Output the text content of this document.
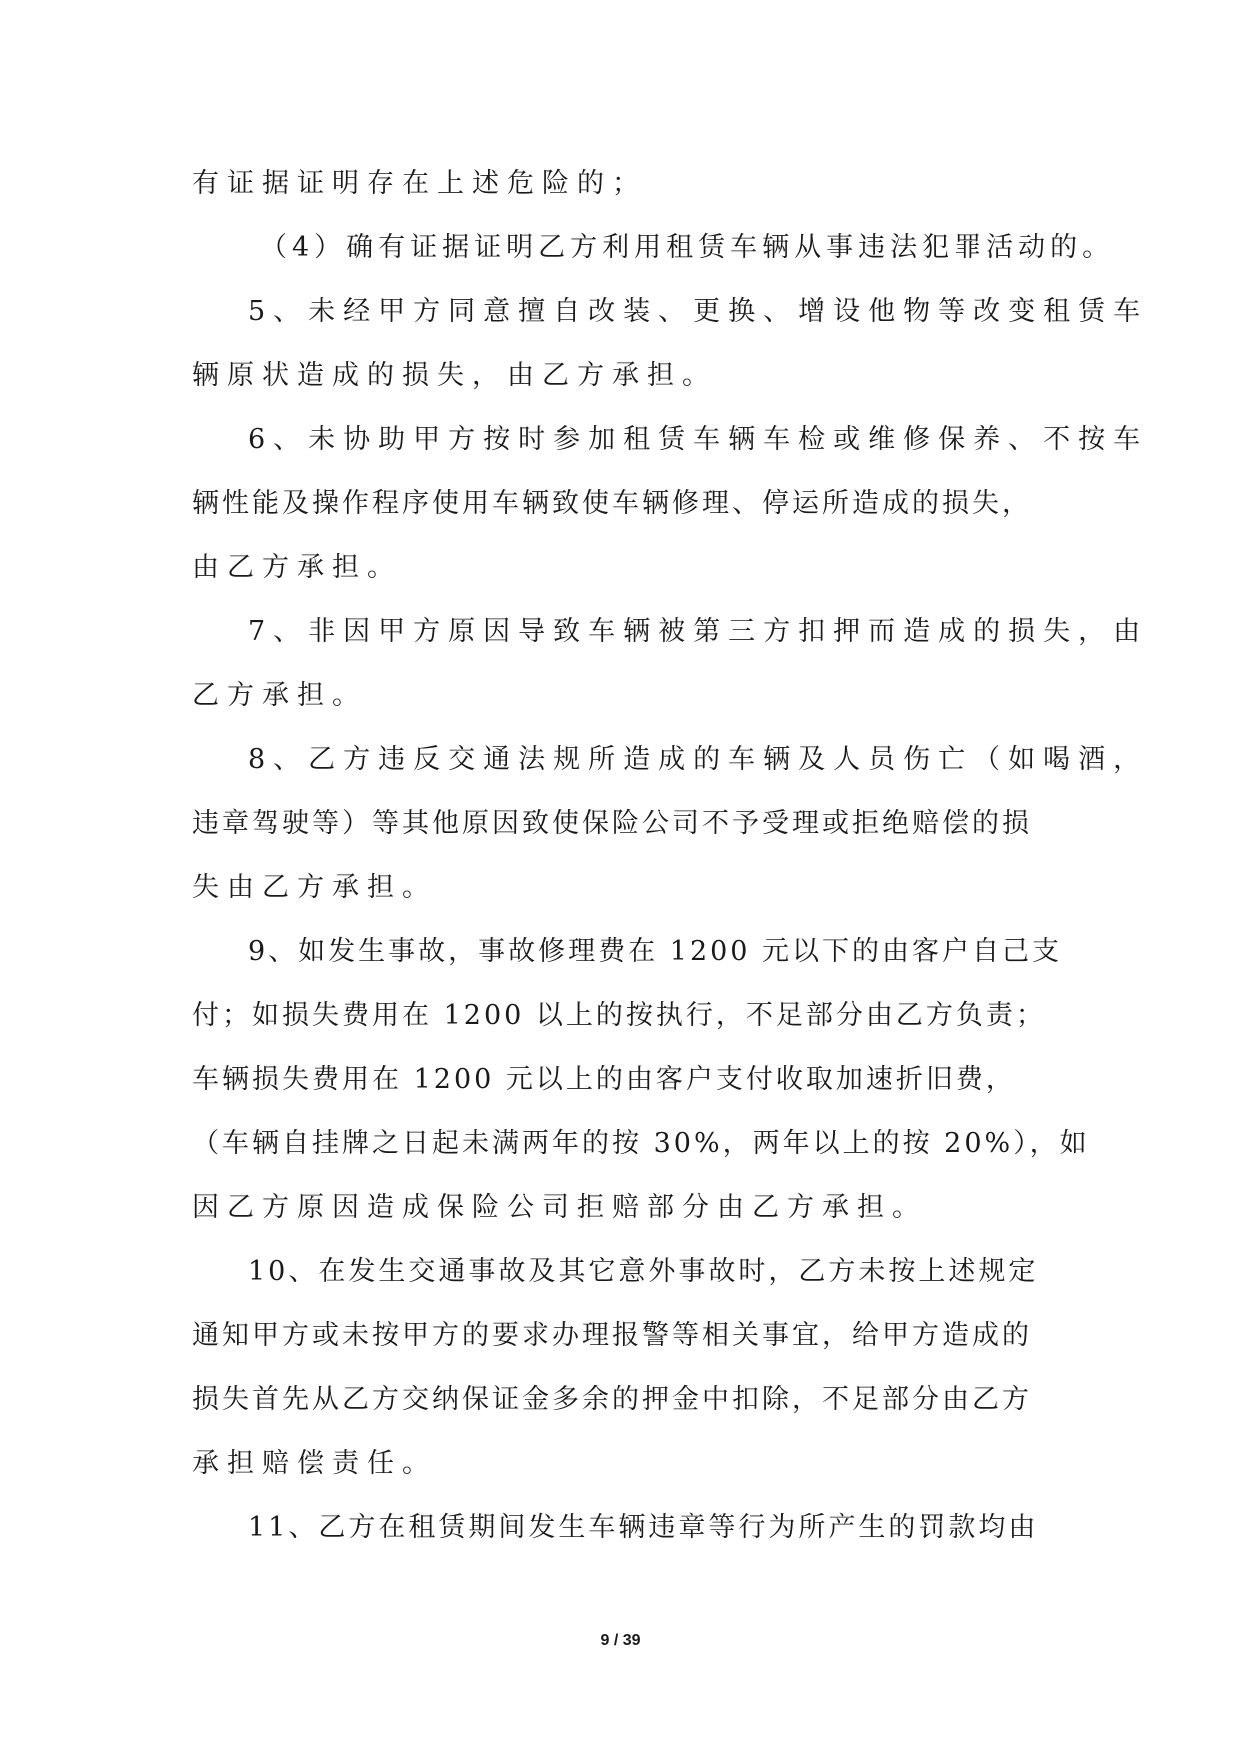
有证据证明存在上述危险的；
（4）确有证据证明乙方利用租赁车辆从事违法犯罪活动的。
5、未经甲方同意擅自改装、更换、增设他物等改变租赁车
辆原状造成的损失，由乙方承担。
6、未协助甲方按时参加租赁车辆车检或维修保养、不按车
辆性能及操作程序使用车辆致使车辆修理、停运所造成的损失，
由乙方承担。
7、非因甲方原因导致车辆被第三方扣押而造成的损失，由
乙方承担。
8、乙方违反交通法规所造成的车辆及人员伤亡（如喝酒，
违章驾驶等）等其他原因致使保险公司不予受理或拒绝赔偿的损
失由乙方承担。
9、如发生事故，事故修理费在 1200 元以下的由客户自己支
付；如损失费用在 1200 以上的按执行，不足部分由乙方负责；
车辆损失费用在 1200 元以上的由客户支付收取加速折旧费，
（车辆自挂牌之日起未满两年的按 30%，两年以上的按 20%），如
因乙方原因造成保险公司拒赔部分由乙方承担。
10、在发生交通事故及其它意外事故时，乙方未按上述规定
通知甲方或未按甲方的要求办理报警等相关事宜，给甲方造成的
损失首先从乙方交纳保证金多余的押金中扣除，不足部分由乙方
承担赔偿责任。
11、乙方在租赁期间发生车辆违章等行为所产生的罚款均由
9 / 39
